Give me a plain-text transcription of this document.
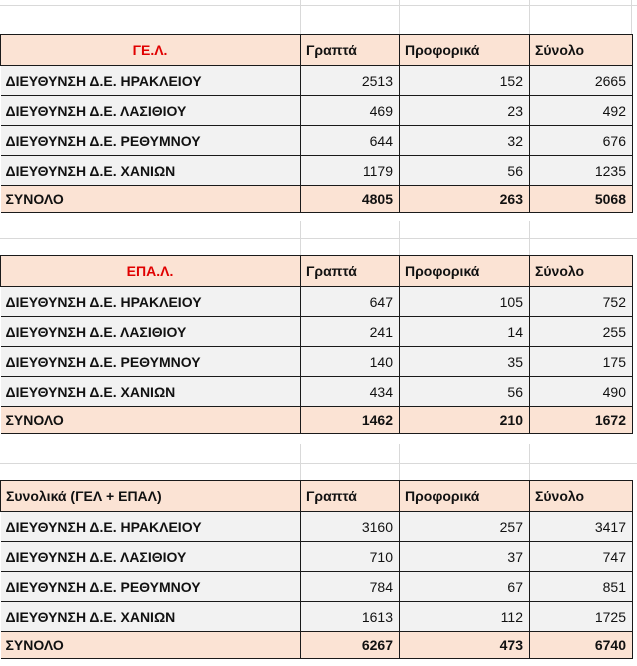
ΓΕ.Λ.	Γραπτά	Προφορικά	Σύνολο
ΔΙΕΥΘΥΝΣΗ Δ.Ε. ΗΡΑΚΛΕΙΟΥ	2513	152	2665
ΔΙΕΥΘΥΝΣΗ Δ.Ε. ΛΑΣΙΘΙΟΥ	469	23	492
ΔΙΕΥΘΥΝΣΗ Δ.Ε. ΡΕΘΥΜΝΟΥ	644	32	676
ΔΙΕΥΘΥΝΣΗ Δ.Ε. ΧΑΝΙΩΝ	1179	56	1235
ΣΥΝΟΛΟ	4805	263	5068
ΕΠΑ.Λ.	Γραπτά	Προφορικά	Σύνολο
ΔΙΕΥΘΥΝΣΗ Δ.Ε. ΗΡΑΚΛΕΙΟΥ	647	105	752
ΔΙΕΥΘΥΝΣΗ Δ.Ε. ΛΑΣΙΘΙΟΥ	241	14	255
ΔΙΕΥΘΥΝΣΗ Δ.Ε. ΡΕΘΥΜΝΟΥ	140	35	175
ΔΙΕΥΘΥΝΣΗ Δ.Ε. ΧΑΝΙΩΝ	434	56	490
ΣΥΝΟΛΟ	1462	210	1672
Συνολικά (ΓΕΛ + ΕΠΑΛ)	Γραπτά	Προφορικά	Σύνολο
ΔΙΕΥΘΥΝΣΗ Δ.Ε. ΗΡΑΚΛΕΙΟΥ	3160	257	3417
ΔΙΕΥΘΥΝΣΗ Δ.Ε. ΛΑΣΙΘΙΟΥ	710	37	747
ΔΙΕΥΘΥΝΣΗ Δ.Ε. ΡΕΘΥΜΝΟΥ	784	67	851
ΔΙΕΥΘΥΝΣΗ Δ.Ε. ΧΑΝΙΩΝ	1613	112	1725
ΣΥΝΟΛΟ	6267	473	6740
